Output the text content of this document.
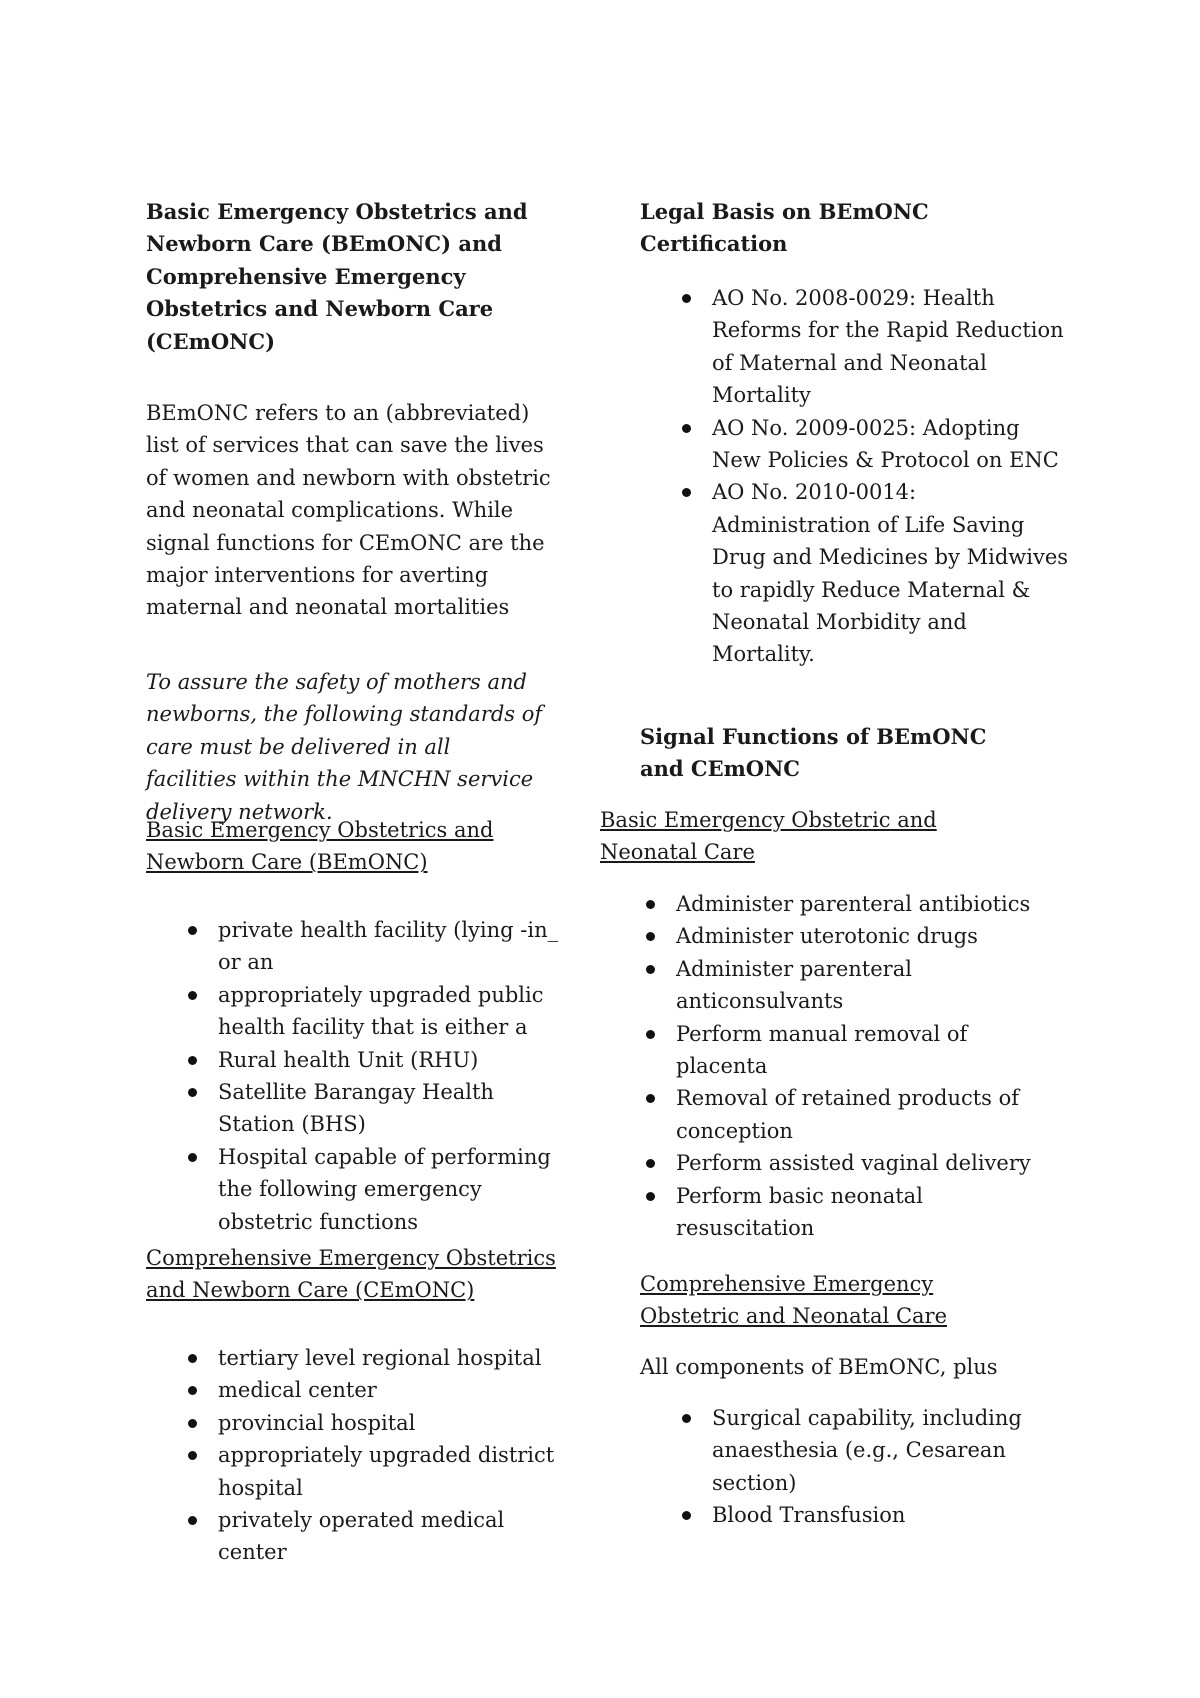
Basic Emergency Obstetrics and Newborn Care (BEmONC) and Comprehensive Emergency Obstetrics and Newborn Care (CEmONC)

BEmONC refers to an (abbreviated) list of services that can save the lives of women and newborn with obstetric and neonatal complications. While signal functions for CEmONC are the major interventions for averting maternal and neonatal mortalities

To assure the safety of mothers and newborns, the following standards of care must be delivered in all facilities within the MNCHN service delivery network.

Basic Emergency Obstetrics and Newborn Care (BEmONC)

private health facility (lying -in_ or an
appropriately upgraded public health facility that is either a
Rural health Unit (RHU)
Satellite Barangay Health Station (BHS)
Hospital capable of performing the following emergency obstetric functions

Comprehensive Emergency Obstetrics and Newborn Care (CEmONC)

tertiary level regional hospital
medical center
provincial hospital
appropriately upgraded district hospital
privately operated medical center

Legal Basis on BEmONC Certification

AO No. 2008-0029: Health Reforms for the Rapid Reduction of Maternal and Neonatal Mortality
AO No. 2009-0025: Adopting New Policies & Protocol on ENC
AO No. 2010-0014: Administration of Life Saving Drug and Medicines by Midwives to rapidly Reduce Maternal & Neonatal Morbidity and Mortality.

Signal Functions of BEmONC and CEmONC

Basic Emergency Obstetric and Neonatal Care

Administer parenteral antibiotics
Administer uterotonic drugs
Administer parenteral anticonsulvants
Perform manual removal of placenta
Removal of retained products of conception
Perform assisted vaginal delivery
Perform basic neonatal resuscitation

Comprehensive Emergency Obstetric and Neonatal Care

All components of BEmONC, plus

Surgical capability, including anaesthesia (e.g., Cesarean section)
Blood Transfusion
